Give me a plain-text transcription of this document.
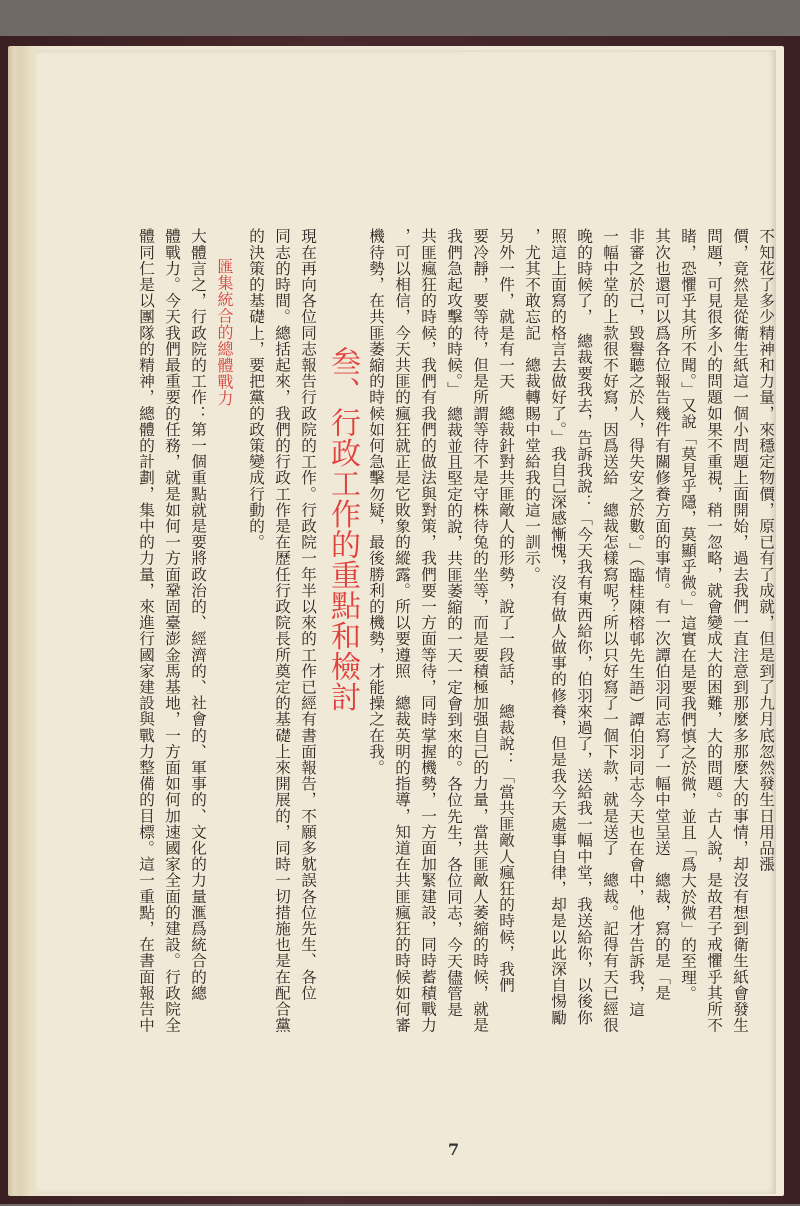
不知花了多少精神和力量，來穩定物價，原已有了成就，但是到了九月底忽然發生日用品漲
價，竟然是從衛生紙這一個小問題上面開始，過去我們一直注意到那麼多那麼大的事情，却沒有想到衛生紙會發生
問題，可見很多小的問題如果不重視，稍一忽略，就會變成大的困難，大的問題。古人說，是故君子戒懼乎其所不
睹，恐懼乎其所不聞。」又說「莫見乎隱，莫顯乎微。」這實在是要我們慎之於微，並且「爲大於微」的至理。
其次也還可以爲各位報告幾件有關修養方面的事情。有一次譚伯羽同志寫了一幅中堂呈送　總裁，寫的是「是
非審之於己，毀譽聽之於人，得失安之於數。」（臨桂陳榕邨先生語）譚伯羽同志今天也在會中，他才告訴我，這
一幅中堂的上款很不好寫，因爲送給　總裁怎樣寫呢？所以只好寫了一個下款，就是送了　總裁。記得有天已經很
晚的時候了，　總裁要我去，告訴我說：「今天我有東西給你，伯羽來過了，送給我一幅中堂，我送給你，以後你
照這上面寫的格言去做好了。」我自己深感慚愧，沒有做人做事的修養，但是我今天處事自律，却是以此深自惕勵
，尤其不敢忘記　總裁轉賜中堂給我的這一訓示。
另外一件，就是有一天　總裁針對共匪敵人的形勢，說了一段話，　總裁說：「當共匪敵人瘋狂的時候，我們
要冷靜，要等待，但是所謂等待不是守株待兔的坐等，而是要積極加强自己的力量，當共匪敵人萎縮的時候，就是
我們急起攻擊的時候。」　總裁並且堅定的說，共匪萎縮的一天一定會到來的。各位先生，各位同志，今天儘管是
共匪瘋狂的時候，我們有我們的做法與對策，我們要一方面等待，同時掌握機勢，一方面加緊建設，同時蓄積戰力
，可以相信，今天共匪的瘋狂就正是它敗象的縱露。所以要遵照　總裁英明的指導，知道在共匪瘋狂的時候如何審
機待勢，在共匪萎縮的時候如何急擊勿疑，最後勝利的機勢，才能操之在我。
叁、行政工作的重點和檢討
現在再向各位同志報告行政院的工作。行政院一年半以來的工作已經有書面報告，不願多躭誤各位先生、各位
同志的時間。總括起來，我們的行政工作是在歷任行政院長所奠定的基礎上來開展的，同時一切措施也是在配合黨
的決策的基礎上，要把黨的政策變成行動的。
匯集統合的總體戰力
大體言之，行政院的工作：第一個重點就是要將政治的、經濟的、社會的、軍事的、文化的力量滙爲統合的總
體戰力。今天我們最重要的任務，就是如何一方面鞏固臺澎金馬基地，一方面如何加速國家全面的建設。行政院全
體同仁是以團隊的精神，總體的計劃，集中的力量，來進行國家建設與戰力整備的目標。這一重點，在書面報告中
7
